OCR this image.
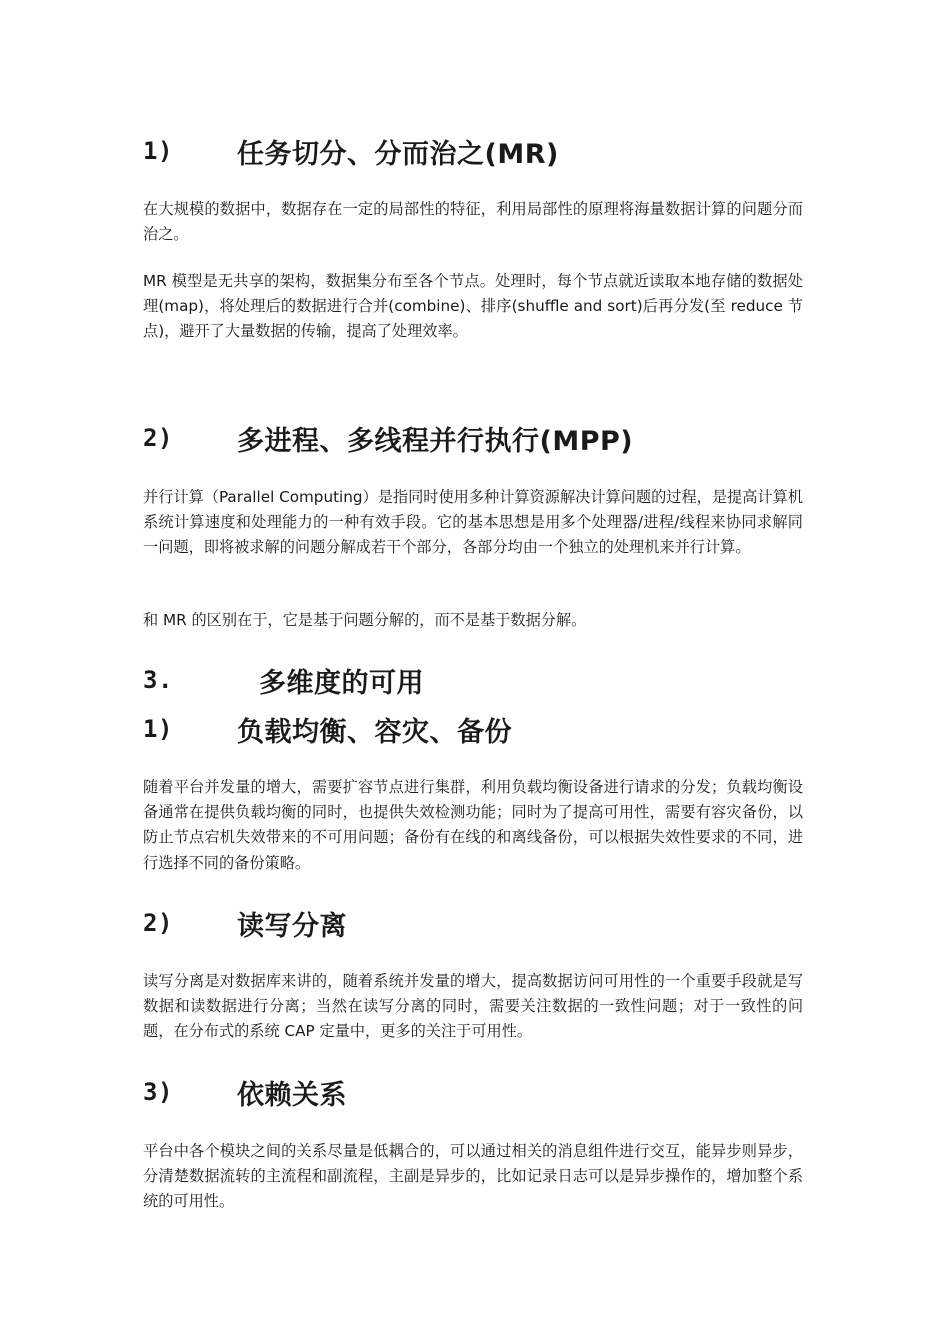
1)	任务切分、分而治之(MR)

在大规模的数据中，数据存在一定的局部性的特征，利用局部性的原理将海量数据计算的问题分而治之。

MR 模型是无共享的架构，数据集分布至各个节点。处理时，每个节点就近读取本地存储的数据处理(map)，将处理后的数据进行合并(combine)、排序(shuffle and sort)后再分发(至 reduce 节点)，避开了大量数据的传输，提高了处理效率。

2)	多进程、多线程并行执行(MPP)

并行计算（Parallel Computing）是指同时使用多种计算资源解决计算问题的过程，是提高计算机系统计算速度和处理能力的一种有效手段。它的基本思想是用多个处理器/进程/线程来协同求解同一问题，即将被求解的问题分解成若干个部分，各部分均由一个独立的处理机来并行计算。

和 MR 的区别在于，它是基于问题分解的，而不是基于数据分解。

3.	多维度的可用
1)	负载均衡、容灾、备份

随着平台并发量的增大，需要扩容节点进行集群，利用负载均衡设备进行请求的分发；负载均衡设备通常在提供负载均衡的同时，也提供失效检测功能；同时为了提高可用性，需要有容灾备份，以防止节点宕机失效带来的不可用问题；备份有在线的和离线备份，可以根据失效性要求的不同，进行选择不同的备份策略。

2)	读写分离

读写分离是对数据库来讲的，随着系统并发量的增大，提高数据访问可用性的一个重要手段就是写数据和读数据进行分离；当然在读写分离的同时，需要关注数据的一致性问题；对于一致性的问题，在分布式的系统 CAP 定量中，更多的关注于可用性。

3)	依赖关系

平台中各个模块之间的关系尽量是低耦合的，可以通过相关的消息组件进行交互，能异步则异步，分清楚数据流转的主流程和副流程，主副是异步的，比如记录日志可以是异步操作的，增加整个系统的可用性。
